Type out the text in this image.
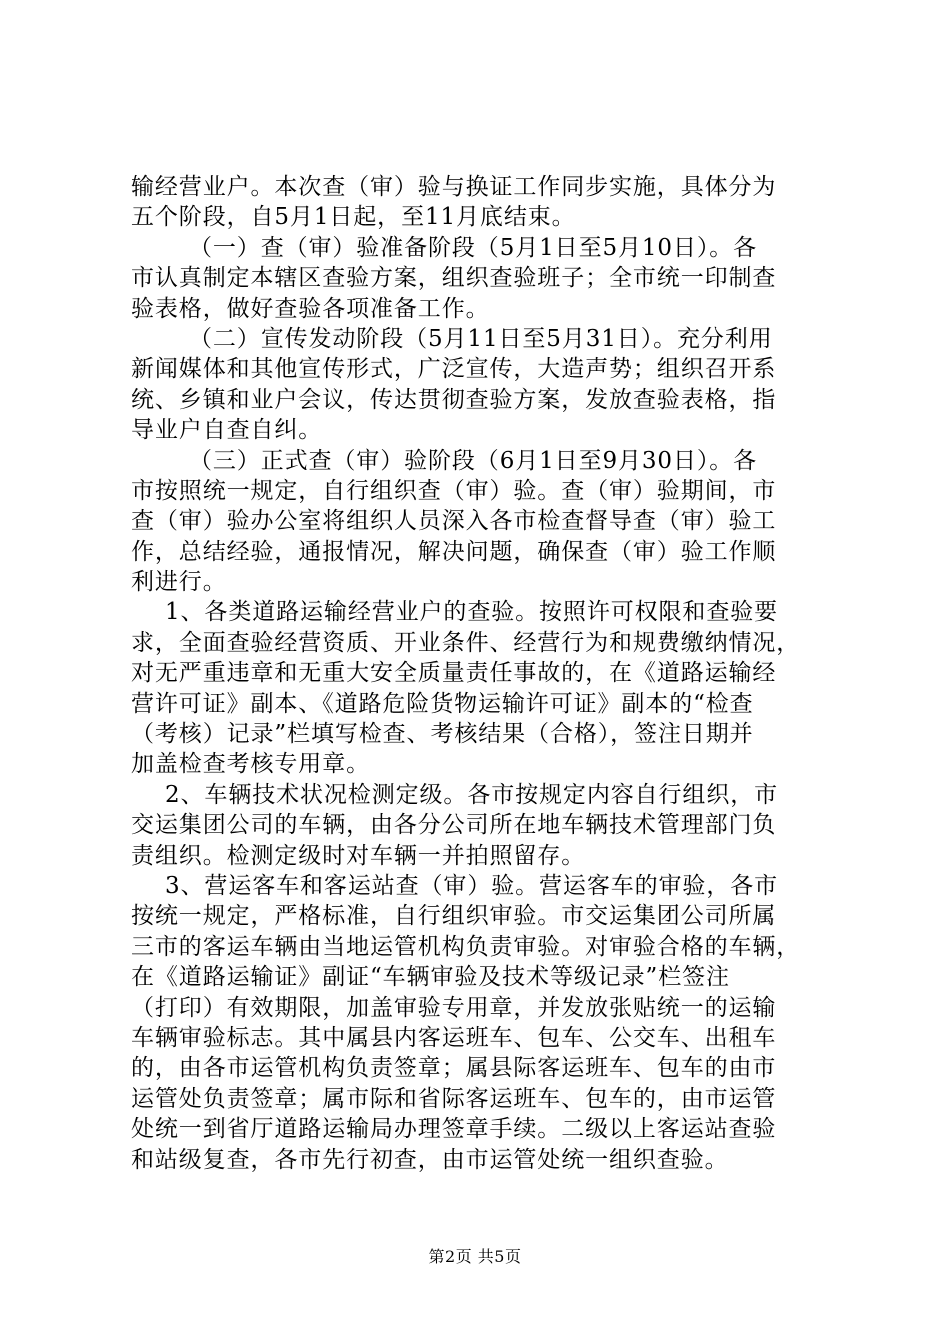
输经营业户。本次查（审）验与换证工作同步实施，具体分为
五个阶段，自5月1日起，至11月底结束。
（一）查（审）验准备阶段（5月1日至5月10日）。各
市认真制定本辖区查验方案，组织查验班子；全市统一印制查
验表格，做好查验各项准备工作。
（二）宣传发动阶段（5月11日至5月31日）。充分利用
新闻媒体和其他宣传形式，广泛宣传，大造声势；组织召开系
统、乡镇和业户会议，传达贯彻查验方案，发放查验表格，指
导业户自查自纠。
（三）正式查（审）验阶段（6月1日至9月30日）。各
市按照统一规定，自行组织查（审）验。查（审）验期间，市
查（审）验办公室将组织人员深入各市检查督导查（审）验工
作，总结经验，通报情况，解决问题，确保查（审）验工作顺
利进行。
1、各类道路运输经营业户的查验。按照许可权限和查验要
求，全面查验经营资质、开业条件、经营行为和规费缴纳情况，
对无严重违章和无重大安全质量责任事故的，在《道路运输经
营许可证》副本、《道路危险货物运输许可证》副本的“检查
（考核）记录”栏填写检查、考核结果（合格），签注日期并
加盖检查考核专用章。
2、车辆技术状况检测定级。各市按规定内容自行组织，市
交运集团公司的车辆，由各分公司所在地车辆技术管理部门负
责组织。检测定级时对车辆一并拍照留存。
3、营运客车和客运站查（审）验。营运客车的审验，各市
按统一规定，严格标准，自行组织审验。市交运集团公司所属
三市的客运车辆由当地运管机构负责审验。对审验合格的车辆，
在《道路运输证》副证“车辆审验及技术等级记录”栏签注
（打印）有效期限，加盖审验专用章，并发放张贴统一的运输
车辆审验标志。其中属县内客运班车、包车、公交车、出租车
的，由各市运管机构负责签章；属县际客运班车、包车的由市
运管处负责签章；属市际和省际客运班车、包车的，由市运管
处统一到省厅道路运输局办理签章手续。二级以上客运站查验
和站级复查，各市先行初查，由市运管处统一组织查验。
第2页 共5页
